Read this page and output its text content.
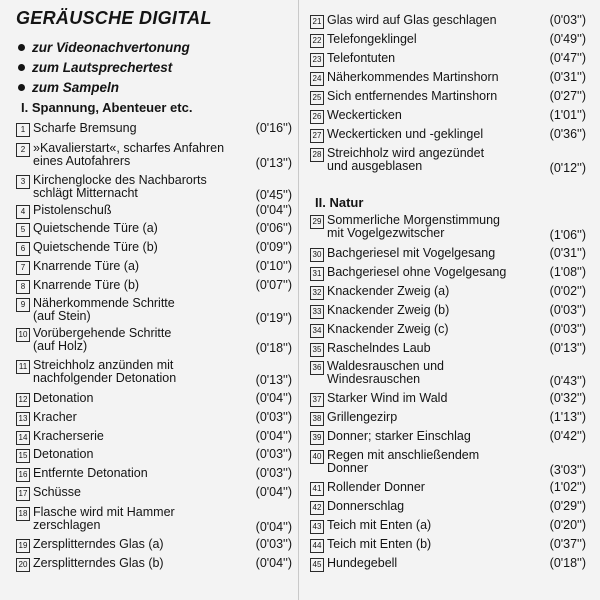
GERÄUSCHE DIGITAL
zur Videonachvertonung
zum Lautsprechertest
zum Sampeln
I. Spannung, Abenteuer etc.
1 Scharfe Bremsung	(0'16'')
2 »Kavalierstart«, scharfes Anfahren
eines Autofahrers	(0'13'')
3 Kirchenglocke des Nachbarorts
schlägt Mitternacht	(0'45'')
4 Pistolenschuß	(0'04'')
5 Quietschende Türe (a)	(0'06'')
6 Quietschende Türe (b)	(0'09'')
7 Knarrende Türe (a)	(0'10'')
8 Knarrende Türe (b)	(0'07'')
9 Näherkommende Schritte
(auf Stein)	(0'19'')
10 Vorübergehende Schritte
(auf Holz)	(0'18'')
11 Streichholz anzünden mit
nachfolgender Detonation	(0'13'')
12 Detonation	(0'04'')
13 Kracher	(0'03'')
14 Kracherserie	(0'04'')
15 Detonation	(0'03'')
16 Entfernte Detonation	(0'03'')
17 Schüsse	(0'04'')
18 Flasche wird mit Hammer
zerschlagen	(0'04'')
19 Zersplitterndes Glas (a)	(0'03'')
20 Zersplitterndes Glas (b)	(0'04'')
21 Glas wird auf Glas geschlagen	(0'03'')
22 Telefongeklingel	(0'49'')
23 Telefontuten	(0'47'')
24 Näherkommendes Martinshorn	(0'31'')
25 Sich entfernendes Martinshorn	(0'27'')
26 Weckerticken	(1'01'')
27 Weckerticken und -geklingel	(0'36'')
28 Streichholz wird angezündet
und ausgeblasen	(0'12'')
II. Natur
29 Sommerliche Morgenstimmung
mit Vogelgezwitscher	(1'06'')
30 Bachgeriesel mit Vogelgesang	(0'31'')
31 Bachgeriesel ohne Vogelgesang	(1'08'')
32 Knackender Zweig (a)	(0'02'')
33 Knackender Zweig (b)	(0'03'')
34 Knackender Zweig (c)	(0'03'')
35 Raschelndes Laub	(0'13'')
36 Waldesrauschen und
Windesrauschen	(0'43'')
37 Starker Wind im Wald	(0'32'')
38 Grillengezirp	(1'13'')
39 Donner; starker Einschlag	(0'42'')
40 Regen mit anschließendem
Donner	(3'03'')
41 Rollender Donner	(1'02'')
42 Donnerschlag	(0'29'')
43 Teich mit Enten (a)	(0'20'')
44 Teich mit Enten (b)	(0'37'')
45 Hundegebell	(0'18'')
